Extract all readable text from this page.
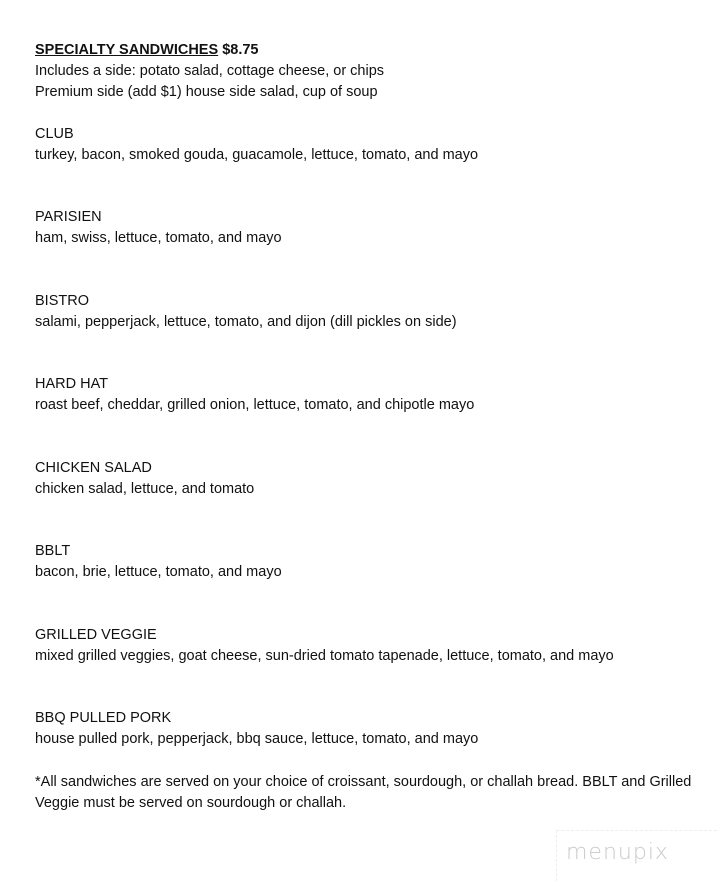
SPECIALTY SANDWICHES $8.75
Includes a side: potato salad, cottage cheese, or chips
Premium side (add $1) house side salad, cup of soup
CLUB
turkey, bacon, smoked gouda, guacamole, lettuce, tomato, and mayo
PARISIEN
ham, swiss, lettuce, tomato, and mayo
BISTRO
salami, pepperjack, lettuce, tomato, and dijon (dill pickles on side)
HARD HAT
roast beef, cheddar, grilled onion, lettuce, tomato, and chipotle mayo
CHICKEN SALAD
chicken salad, lettuce, and tomato
BBLT
bacon, brie, lettuce, tomato, and mayo
GRILLED VEGGIE
mixed grilled veggies, goat cheese, sun-dried tomato tapenade, lettuce, tomato, and mayo
BBQ PULLED PORK
house pulled pork, pepperjack, bbq sauce, lettuce, tomato, and mayo
*All sandwiches are served on your choice of croissant, sourdough, or challah bread. BBLT and Grilled Veggie must be served on sourdough or challah.
menupix
